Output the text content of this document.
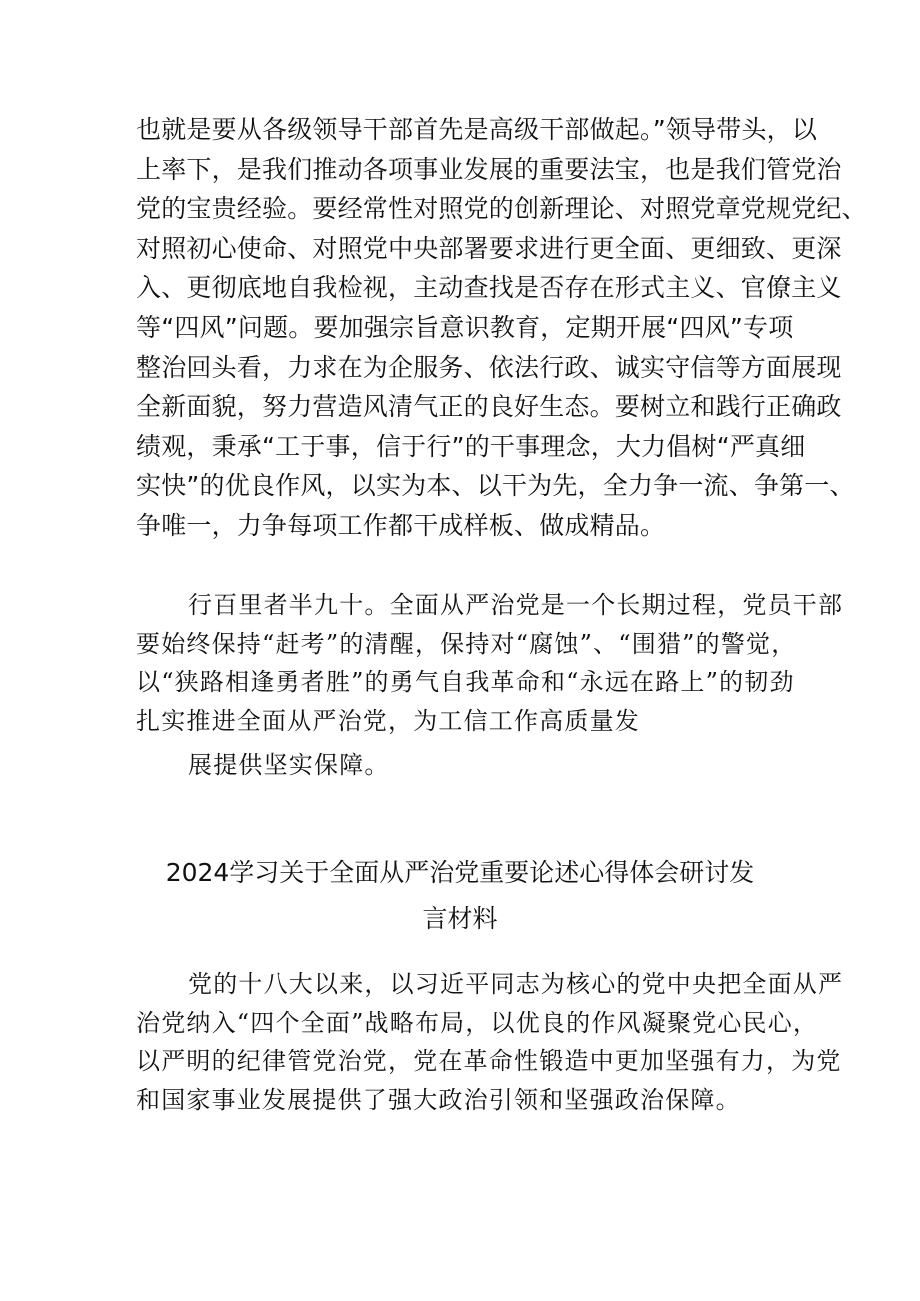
也就是要从各级领导干部首先是高级干部做起。”领导带头，以
上率下，是我们推动各项事业发展的重要法宝，也是我们管党治
党的宝贵经验。要经常性对照党的创新理论、对照党章党规党纪、
对照初心使命、对照党中央部署要求进行更全面、更细致、更深
入、更彻底地自我检视，主动查找是否存在形式主义、官僚主义
等“四风”问题。要加强宗旨意识教育，定期开展“四风”专项
整治回头看，力求在为企服务、依法行政、诚实守信等方面展现
全新面貌，努力营造风清气正的良好生态。要树立和践行正确政
绩观，秉承“工于事，信于行”的干事理念，大力倡树“严真细
实快”的优良作风，以实为本、以干为先，全力争一流、争第一、
争唯一，力争每项工作都干成样板、做成精品。
行百里者半九十。全面从严治党是一个长期过程，党员干部
要始终保持“赶考”的清醒，保持对“腐蚀”、“围猎”的警觉，
以“狭路相逢勇者胜”的勇气自我革命和“永远在路上”的韧劲
扎实推进全面从严治党，为工信工作高质量发
展提供坚实保障。
2024学习关于全面从严治党重要论述心得体会研讨发
言材料
党的十八大以来，以习近平同志为核心的党中央把全面从严
治党纳入“四个全面”战略布局，以优良的作风凝聚党心民心，
以严明的纪律管党治党，党在革命性锻造中更加坚强有力，为党
和国家事业发展提供了强大政治引领和坚强政治保障。
